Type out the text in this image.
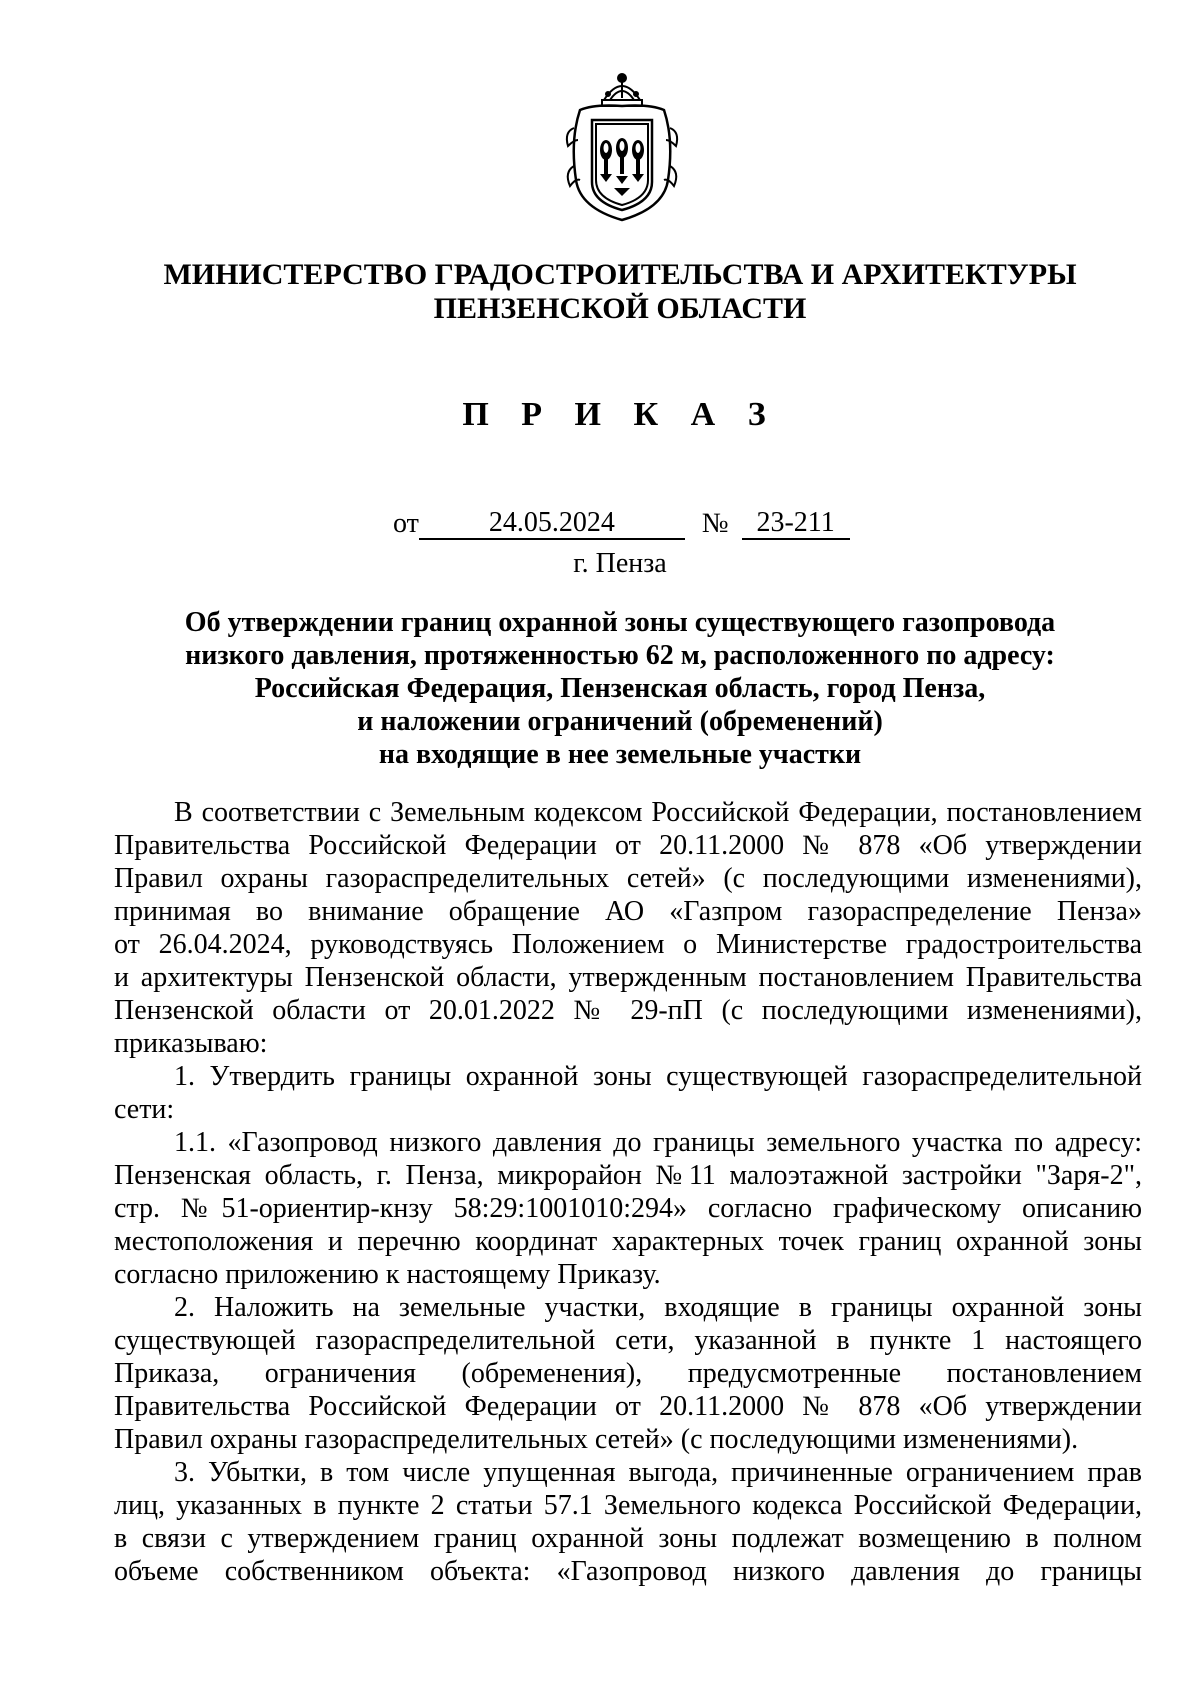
МИНИСТЕРСТВО ГРАДОСТРОИТЕЛЬСТВА И АРХИТЕКТУРЫ
ПЕНЗЕНСКОЙ ОБЛАСТИ
П Р И К А З
от	24.05.2024	№ 23-211
г. Пенза
Об утверждении границ охранной зоны существующего газопровода
низкого давления, протяженностью 62 м, расположенного по адресу:
Российская Федерация, Пензенская область, город Пенза,
и наложении ограничений (обременений)
на входящие в нее земельные участки
В соответствии с Земельным кодексом Российской Федерации, постановлением
Правительства Российской Федерации от 20.11.2000 № 878 «Об утверждении
Правил охраны газораспределительных сетей» (с последующими изменениями),
принимая во внимание обращение АО «Газпром газораспределение Пенза»
от 26.04.2024, руководствуясь Положением о Министерстве градостроительства
и архитектуры Пензенской области, утвержденным постановлением Правительства
Пензенской области от 20.01.2022 № 29-пП (с последующими изменениями),
приказываю:
1. Утвердить границы охранной зоны существующей газораспределительной
сети:
1.1. «Газопровод низкого давления до границы земельного участка по адресу:
Пензенская область, г. Пенза, микрорайон №11 малоэтажной застройки "Заря-2",
стр. №51-ориентир-кнзу 58:29:1001010:294» согласно графическому описанию
местоположения и перечню координат характерных точек границ охранной зоны
согласно приложению к настоящему Приказу.
2. Наложить на земельные участки, входящие в границы охранной зоны
существующей газораспределительной сети, указанной в пункте 1 настоящего
Приказа, ограничения (обременения), предусмотренные постановлением
Правительства Российской Федерации от 20.11.2000 № 878 «Об утверждении
Правил охраны газораспределительных сетей» (с последующими изменениями).
3. Убытки, в том числе упущенная выгода, причиненные ограничением прав
лиц, указанных в пункте 2 статьи 57.1 Земельного кодекса Российской Федерации,
в связи с утверждением границ охранной зоны подлежат возмещению в полном
объеме собственником объекта: «Газопровод низкого давления до границы
